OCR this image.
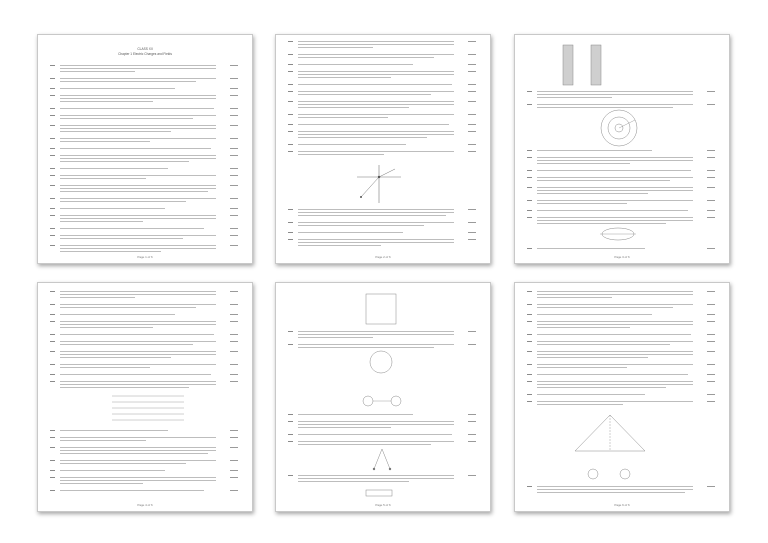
CLASS XII
Chapter 1 Electric Charges and Fields
Page 1 of 6	Page 2 of 6	Page 3 of 6
Page 4 of 6	Page 5 of 6	Page 6 of 6
